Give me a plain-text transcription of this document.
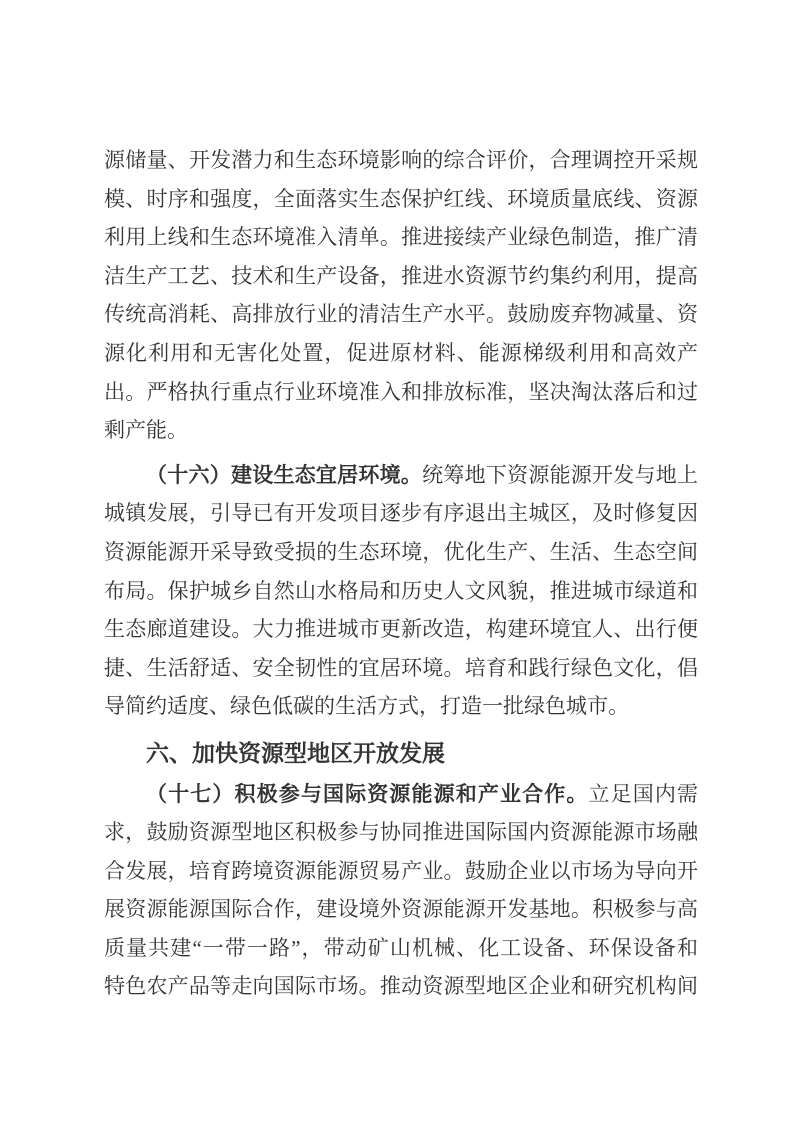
源储量、开发潜力和生态环境影响的综合评价，合理调控开采规
模、时序和强度，全面落实生态保护红线、环境质量底线、资源
利用上线和生态环境准入清单。推进接续产业绿色制造，推广清
洁生产工艺、技术和生产设备，推进水资源节约集约利用，提高
传统高消耗、高排放行业的清洁生产水平。鼓励废弃物减量、资
源化利用和无害化处置，促进原材料、能源梯级利用和高效产
出。严格执行重点行业环境准入和排放标准，坚决淘汰落后和过
剩产能。
（十六）建设生态宜居环境。统筹地下资源能源开发与地上
城镇发展，引导已有开发项目逐步有序退出主城区，及时修复因
资源能源开采导致受损的生态环境，优化生产、生活、生态空间
布局。保护城乡自然山水格局和历史人文风貌，推进城市绿道和
生态廊道建设。大力推进城市更新改造，构建环境宜人、出行便
捷、生活舒适、安全韧性的宜居环境。培育和践行绿色文化，倡
导简约适度、绿色低碳的生活方式，打造一批绿色城市。
六、加快资源型地区开放发展
（十七）积极参与国际资源能源和产业合作。立足国内需
求，鼓励资源型地区积极参与协同推进国际国内资源能源市场融
合发展，培育跨境资源能源贸易产业。鼓励企业以市场为导向开
展资源能源国际合作，建设境外资源能源开发基地。积极参与高
质量共建“一带一路”，带动矿山机械、化工设备、环保设备和
特色农产品等走向国际市场。推动资源型地区企业和研究机构间
